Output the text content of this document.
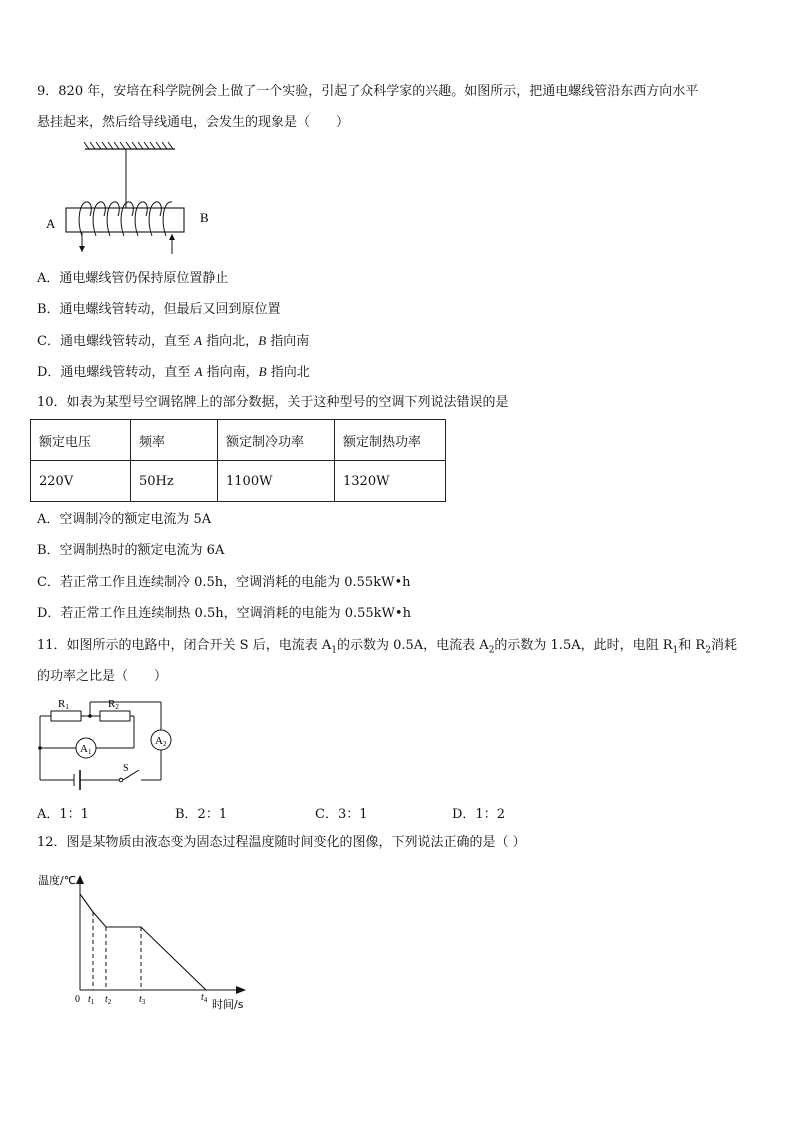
9．820 年，安培在科学院例会上做了一个实验，引起了众科学家的兴趣。如图所示，把通电螺线管沿东西方向水平
悬挂起来，然后给导线通电，会发生的现象是（　　）
A	B
A．通电螺线管仍保持原位置静止
B．通电螺线管转动，但最后又回到原位置
C．通电螺线管转动，直至 A 指向北，B 指向南
D．通电螺线管转动，直至 A 指向南，B 指向北
10．如表为某型号空调铭牌上的部分数据，关于这种型号的空调下列说法错误的是
额定电压	频率	额定制冷功率	额定制热功率
220V	50Hz	1100W	1320W
A．空调制冷的额定电流为 5A
B．空调制热时的额定电流为 6A
C．若正常工作且连续制冷 0.5h，空调消耗的电能为 0.55kW•h
D．若正常工作且连续制热 0.5h，空调消耗的电能为 0.55kW•h
11．如图所示的电路中，闭合开关 S 后，电流表 $A_1$的示数为 0.5A，电流表 $A_2$的示数为 1.5A，此时，电阻 $R_1$和 $R_2$消耗
的功率之比是（　　）
R1	R2
A1
A2
S
A．1：1	B．2：1	C．3：1	D．1：2
12．图是某物质由液态变为固态过程温度随时间变化的图像，下列说法正确的是（ ）
温度/℃
时间/s
0 $t_1$ $t_2$	$t_3$	$t_4$
